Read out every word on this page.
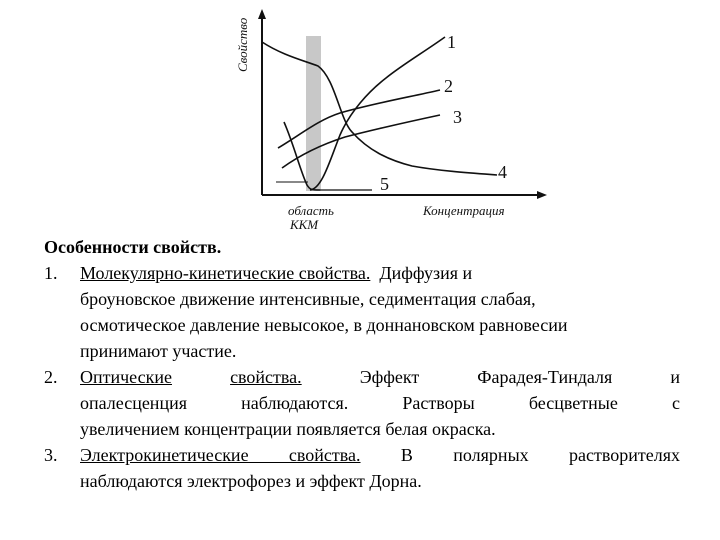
1
2
3
4
5
Свойство
Концентрация
область
ККМ

Особенности свойств.

1. Молекулярно-кинетические свойства. Диффузия и
броуновское движение интенсивные, седиментация слабая,
осмотическое давление невысокое, в доннановском равновесии
принимают участие.
2. Оптические	свойства.	Эффект Фарадея-Тиндаля и
опалесценция наблюдаются. Растворы бесцветные с
увеличением концентрации появляется белая окраска.
3. Электрокинетические свойства. В полярных растворителях
наблюдаются электрофорез и эффект Дорна.
